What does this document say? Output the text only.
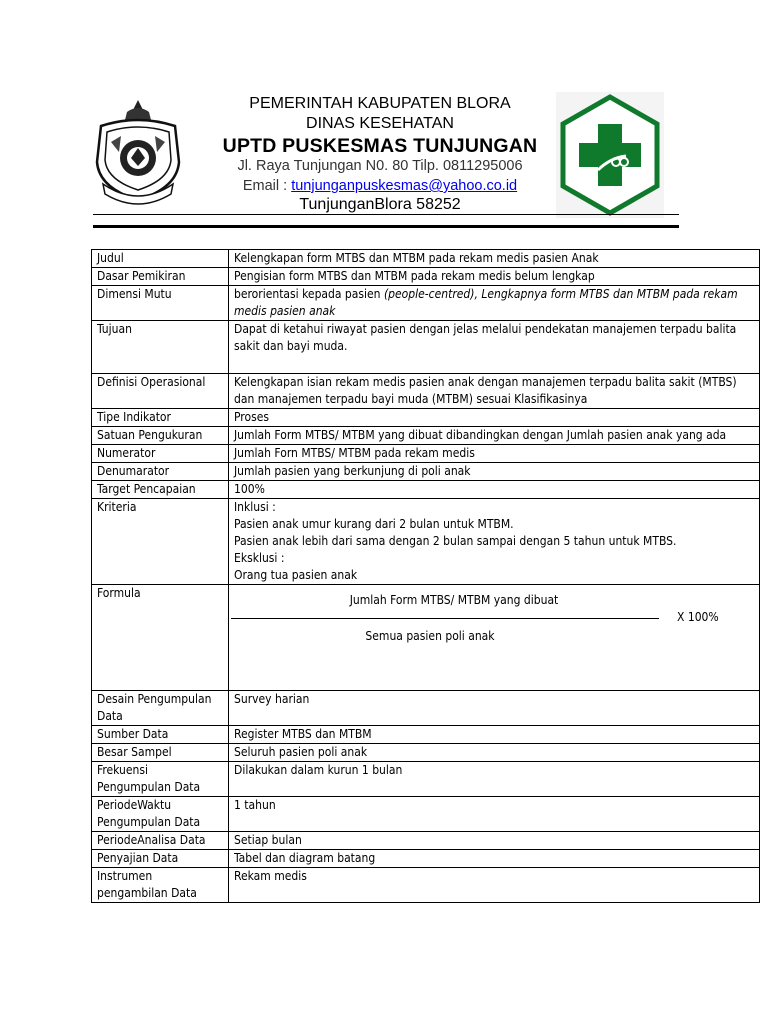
PEMERINTAH KABUPATEN BLORA
DINAS KESEHATAN
UPTD PUSKESMAS TUNJUNGAN
Jl. Raya Tunjungan N0. 80 Tilp. 0811295006
Email : tunjunganpuskesmas@yahoo.co.id
TunjunganBlora 58252
Judul	Kelengkapan form MTBS dan MTBM pada rekam medis pasien Anak
Dasar Pemikiran	Pengisian form MTBS dan MTBM pada rekam medis belum lengkap
Dimensi Mutu	berorientasi kepada pasien (people-centred), Lengkapnya form MTBS dan MTBM pada rekam medis pasien anak
Tujuan	Dapat di ketahui riwayat pasien dengan jelas melalui pendekatan manajemen terpadu balita sakit dan bayi muda.
Definisi Operasional	Kelengkapan isian rekam medis pasien anak dengan manajemen terpadu balita sakit (MTBS) dan manajemen terpadu bayi muda (MTBM) sesuai Klasifikasinya
Tipe Indikator	Proses
Satuan Pengukuran	Jumlah Form MTBS/ MTBM yang dibuat dibandingkan dengan Jumlah pasien anak yang ada
Numerator	Jumlah Forn MTBS/ MTBM pada rekam medis
Denumarator	Jumlah pasien yang berkunjung di poli anak
Target Pencapaian	100%
Kriteria	Inklusi :
Pasien anak umur kurang dari 2 bulan untuk MTBM.
Pasien anak lebih dari sama dengan 2 bulan sampai dengan 5 tahun untuk MTBS.
Eksklusi :
Orang tua pasien anak

Formula	Jumlah Form MTBS/ MTBM yang dibuat
X 100%
Semua pasien poli anak

Desain Pengumpulan Data	Survey harian
Sumber Data	Register MTBS dan MTBM
Besar Sampel	Seluruh pasien poli anak
Frekuensi Pengumpulan Data	Dilakukan dalam kurun 1 bulan
PeriodeWaktu Pengumpulan Data	1 tahun
PeriodeAnalisa Data	Setiap bulan
Penyajian Data	Tabel dan diagram batang
Instrumen pengambilan Data	Rekam medis
